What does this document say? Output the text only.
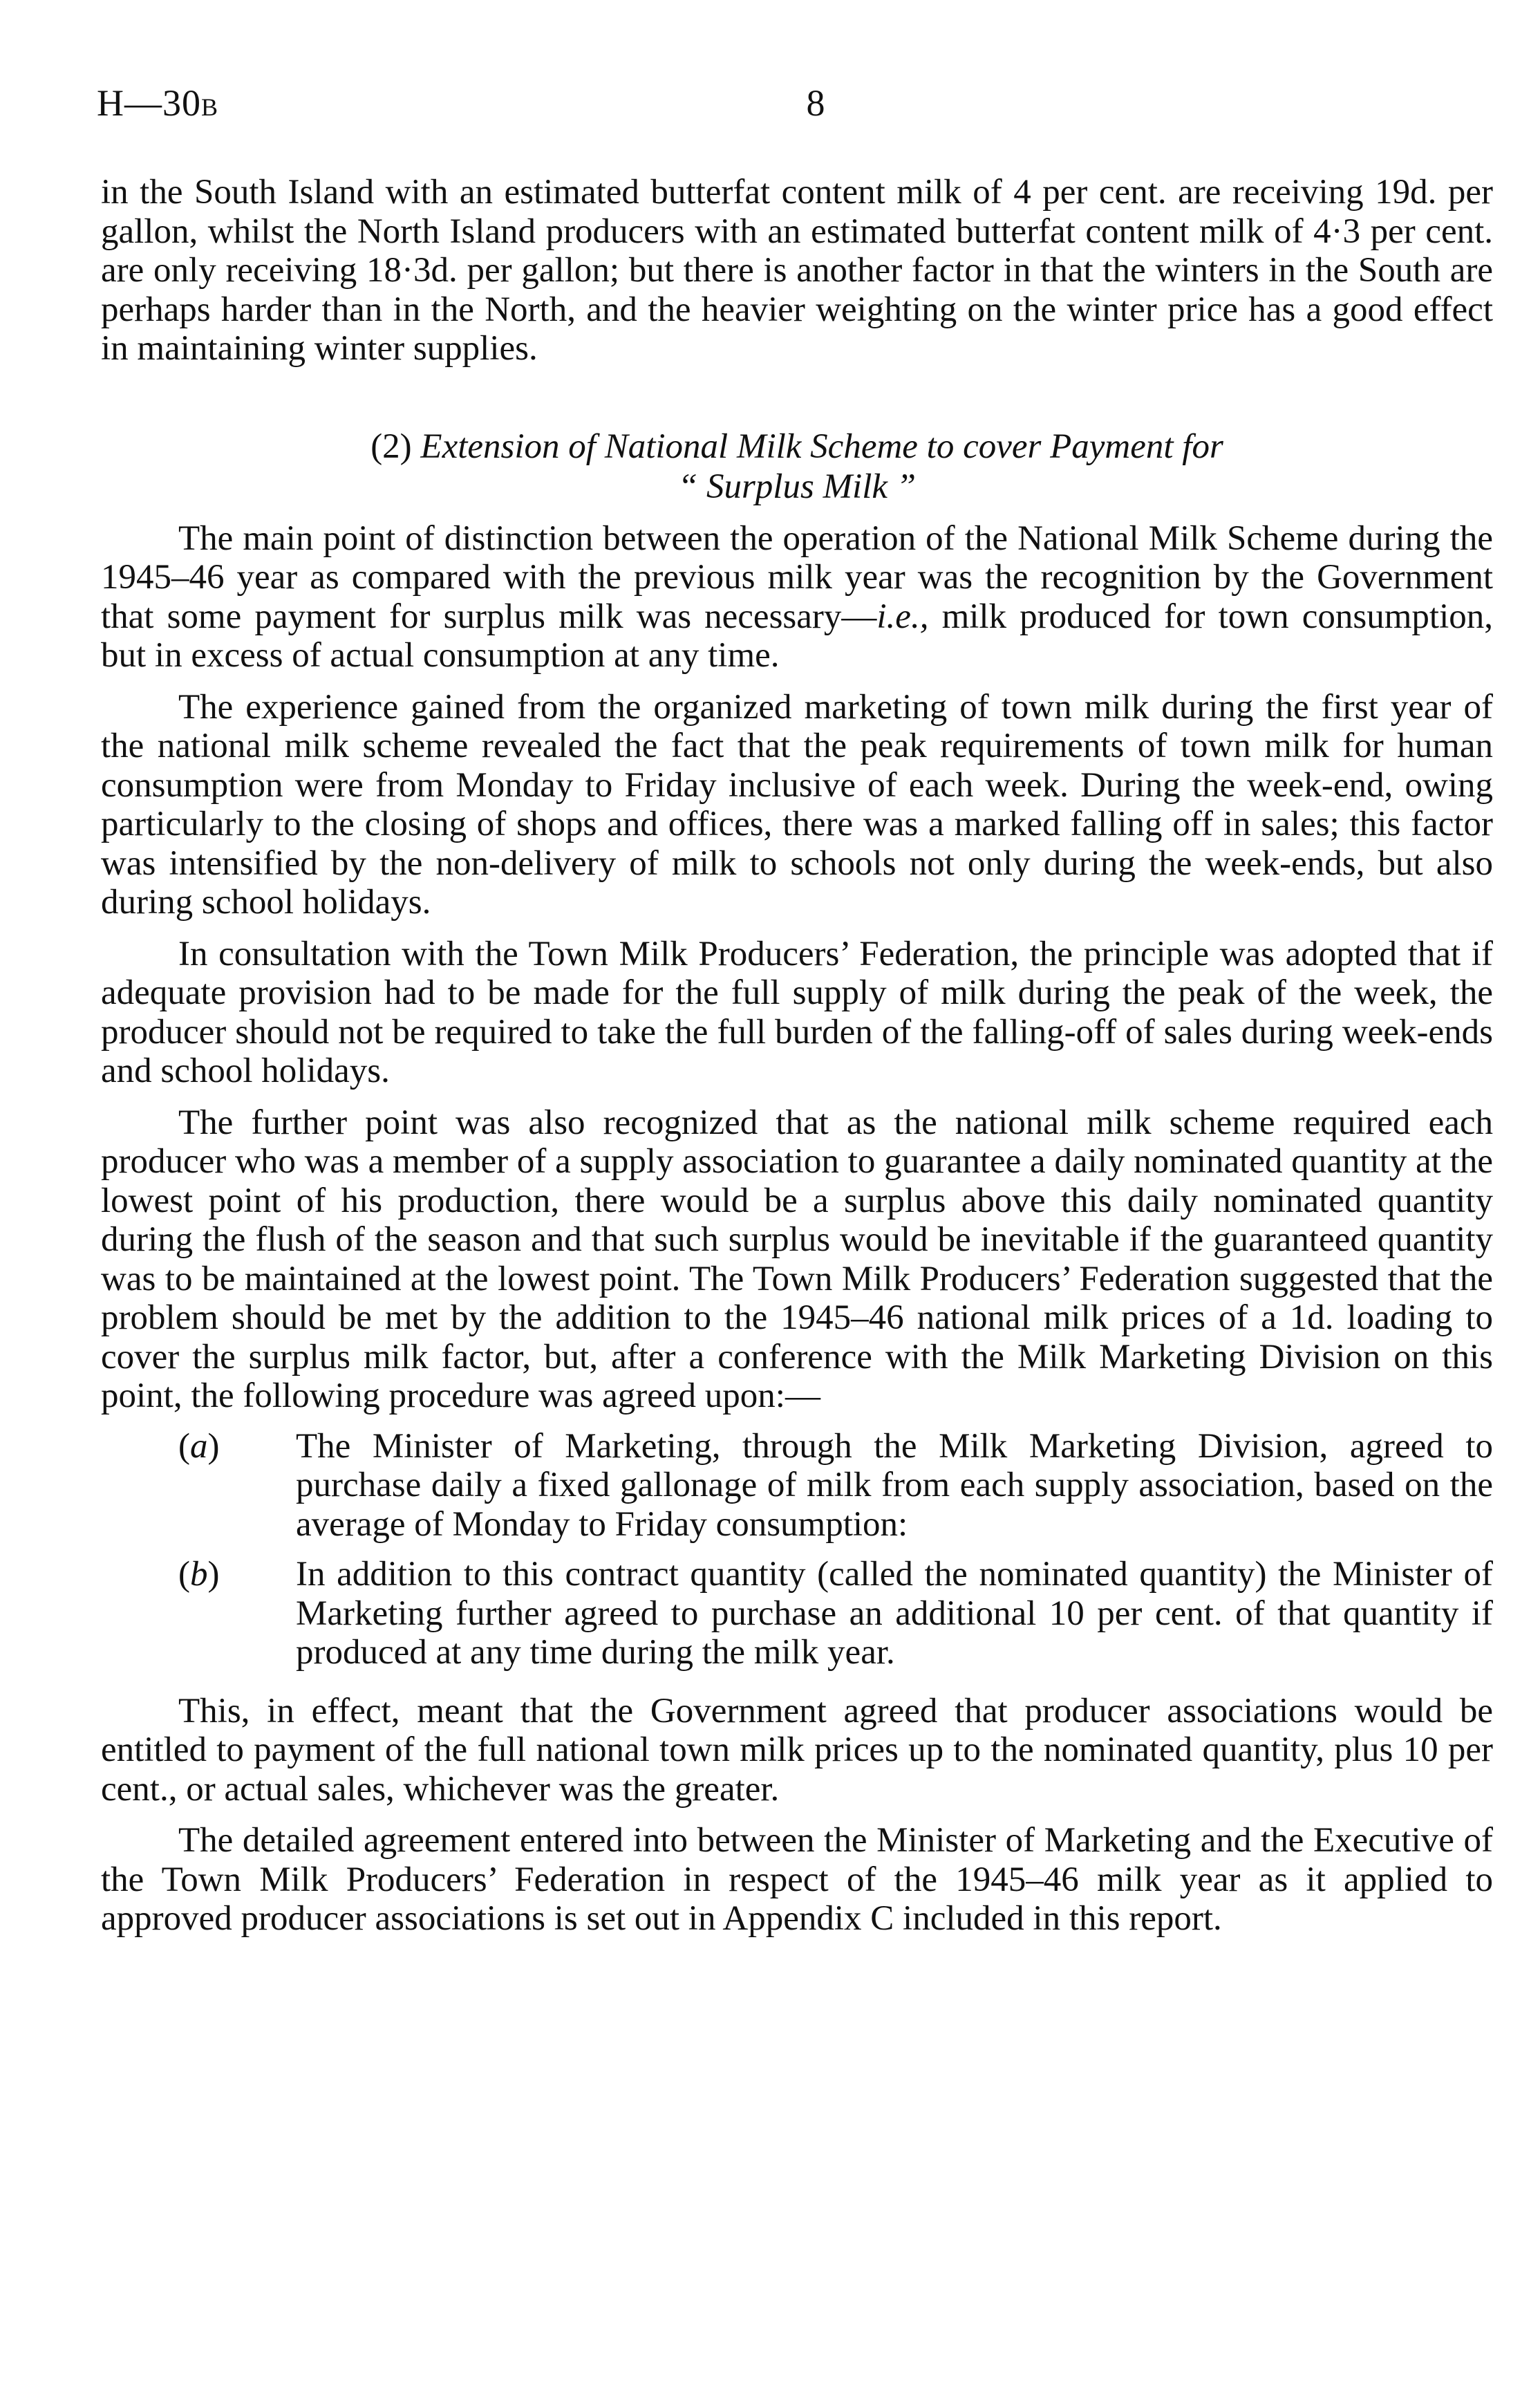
H—30B	8

in the South Island with an estimated butterfat content milk of 4 per cent. are receiving 19d. per gallon, whilst the North Island producers with an estimated butterfat content milk of 4·3 per cent. are only receiving 18·3d. per gallon; but there is another factor in that the winters in the South are perhaps harder than in the North, and the heavier weighting on the winter price has a good effect in maintaining winter supplies.

(2) Extension of National Milk Scheme to cover Payment for
“ Surplus Milk ”

The main point of distinction between the operation of the National Milk Scheme during the 1945–46 year as compared with the previous milk year was the recognition by the Government that some payment for surplus milk was necessary—i.e., milk produced for town consumption, but in excess of actual consumption at any time.

The experience gained from the organized marketing of town milk during the first year of the national milk scheme revealed the fact that the peak requirements of town milk for human consumption were from Monday to Friday inclusive of each week. During the week-end, owing particularly to the closing of shops and offices, there was a marked falling off in sales; this factor was intensified by the non-delivery of milk to schools not only during the week-ends, but also during school holidays.

In consultation with the Town Milk Producers’ Federation, the principle was adopted that if adequate provision had to be made for the full supply of milk during the peak of the week, the producer should not be required to take the full burden of the falling-off of sales during week-ends and school holidays.

The further point was also recognized that as the national milk scheme required each producer who was a member of a supply association to guarantee a daily nominated quantity at the lowest point of his production, there would be a surplus above this daily nominated quantity during the flush of the season and that such surplus would be inevitable if the guaranteed quantity was to be maintained at the lowest point. The Town Milk Producers’ Federation suggested that the problem should be met by the addition to the 1945–46 national milk prices of a 1d. loading to cover the surplus milk factor, but, after a conference with the Milk Marketing Division on this point, the following procedure was agreed upon:—

(a) The Minister of Marketing, through the Milk Marketing Division, agreed to purchase daily a fixed gallonage of milk from each supply association, based on the average of Monday to Friday consumption:

(b) In addition to this contract quantity (called the nominated quantity) the Minister of Marketing further agreed to purchase an additional 10 per cent. of that quantity if produced at any time during the milk year.

This, in effect, meant that the Government agreed that producer associations would be entitled to payment of the full national town milk prices up to the nominated quantity, plus 10 per cent., or actual sales, whichever was the greater.

The detailed agreement entered into between the Minister of Marketing and the Executive of the Town Milk Producers’ Federation in respect of the 1945–46 milk year as it applied to approved producer associations is set out in Appendix C included in this report.
